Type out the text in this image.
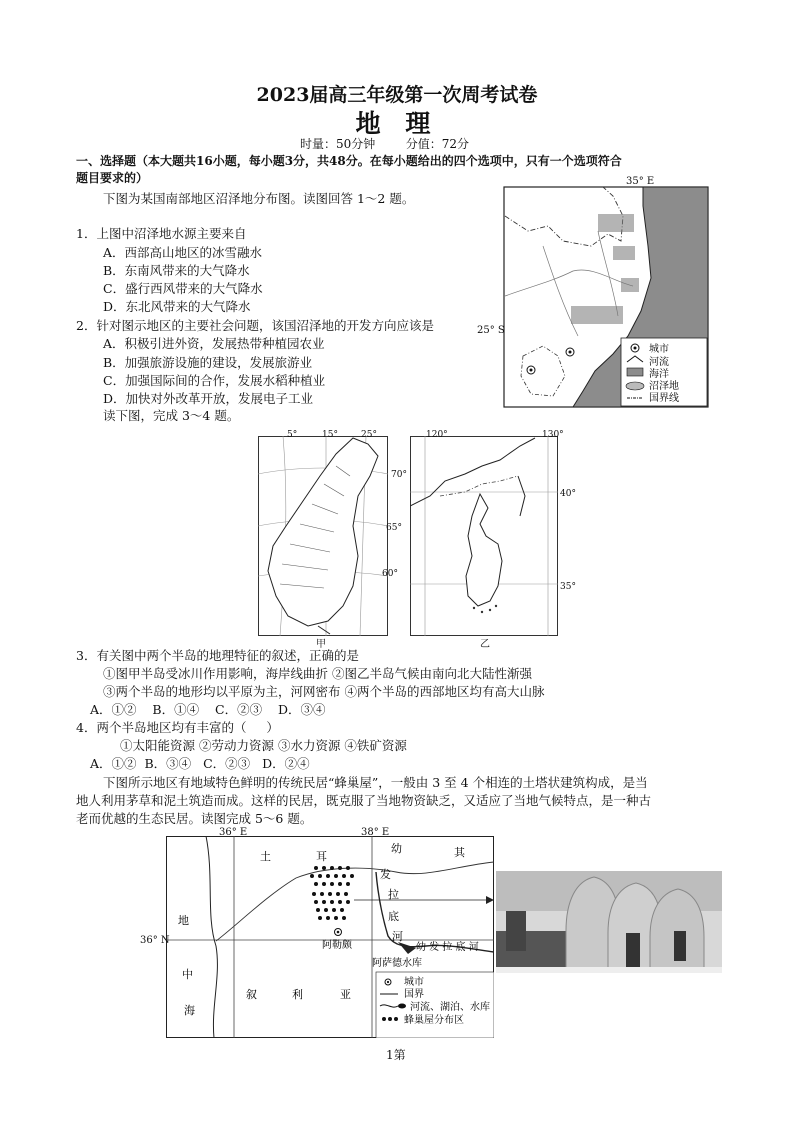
2023届高三年级第一次周考试卷
地 理
时量：50分钟        分值：72分
一、选择题（本大题共16小题，每小题3分，共48分。在每小题给出的四个选项中，只有一个选项符合
题目要求的）
下图为某国南部地区沼泽地分布图。读图回答 1～2 题。
1．上图中沼泽地水源主要来自
A．西部高山地区的冰雪融水
B．东南风带来的大气降水
C．盛行西风带来的大气降水
D．东北风带来的大气降水
2．针对图示地区的主要社会问题，该国沼泽地的开发方向应该是
A．积极引进外资，发展热带种植园农业
B．加强旅游设施的建设，发展旅游业
C．加强国际间的合作，发展水稻种植业
D．加快对外改革开放，发展电子工业
读下图，完成 3～4 题。
城市
河流
海洋
沼泽地
国界线
35° E
25° S
5°	15°	25°
70°
65°
60°
甲
120°	130°
40°
35°
乙
3．有关图中两个半岛的地理特征的叙述，正确的是
①图甲半岛受冰川作用影响，海岸线曲折 ②图乙半岛气候由南向北大陆性渐强
③两个半岛的地形均以平原为主，河网密布 ④两个半岛的西部地区均有高大山脉
A．①②    B．①④    C．②③    D．③④
4．两个半岛地区均有丰富的（     ）
①太阳能资源 ②劳动力资源 ③水力资源 ④铁矿资源
A．①②  B．③④   C．②③   D．②④
下图所示地区有地域特色鲜明的传统民居“蜂巢屋”，一般由 3 至 4 个相连的土塔状建筑构成，是当
地人利用茅草和泥土筑造而成。这样的民居，既克服了当地物资缺乏，又适应了当地气候特点，是一种古
老而优越的生态民居。读图完成 5～6 题。
城市
国界
河流、湖泊、水库
蜂巢屋分布区
土	耳
幼	其
发
拉
底
河
幼 发 拉 底 河
地
中
海
叙	利	亚
阿勒颇
阿萨德水库
36° E	38° E
36° N
1第
